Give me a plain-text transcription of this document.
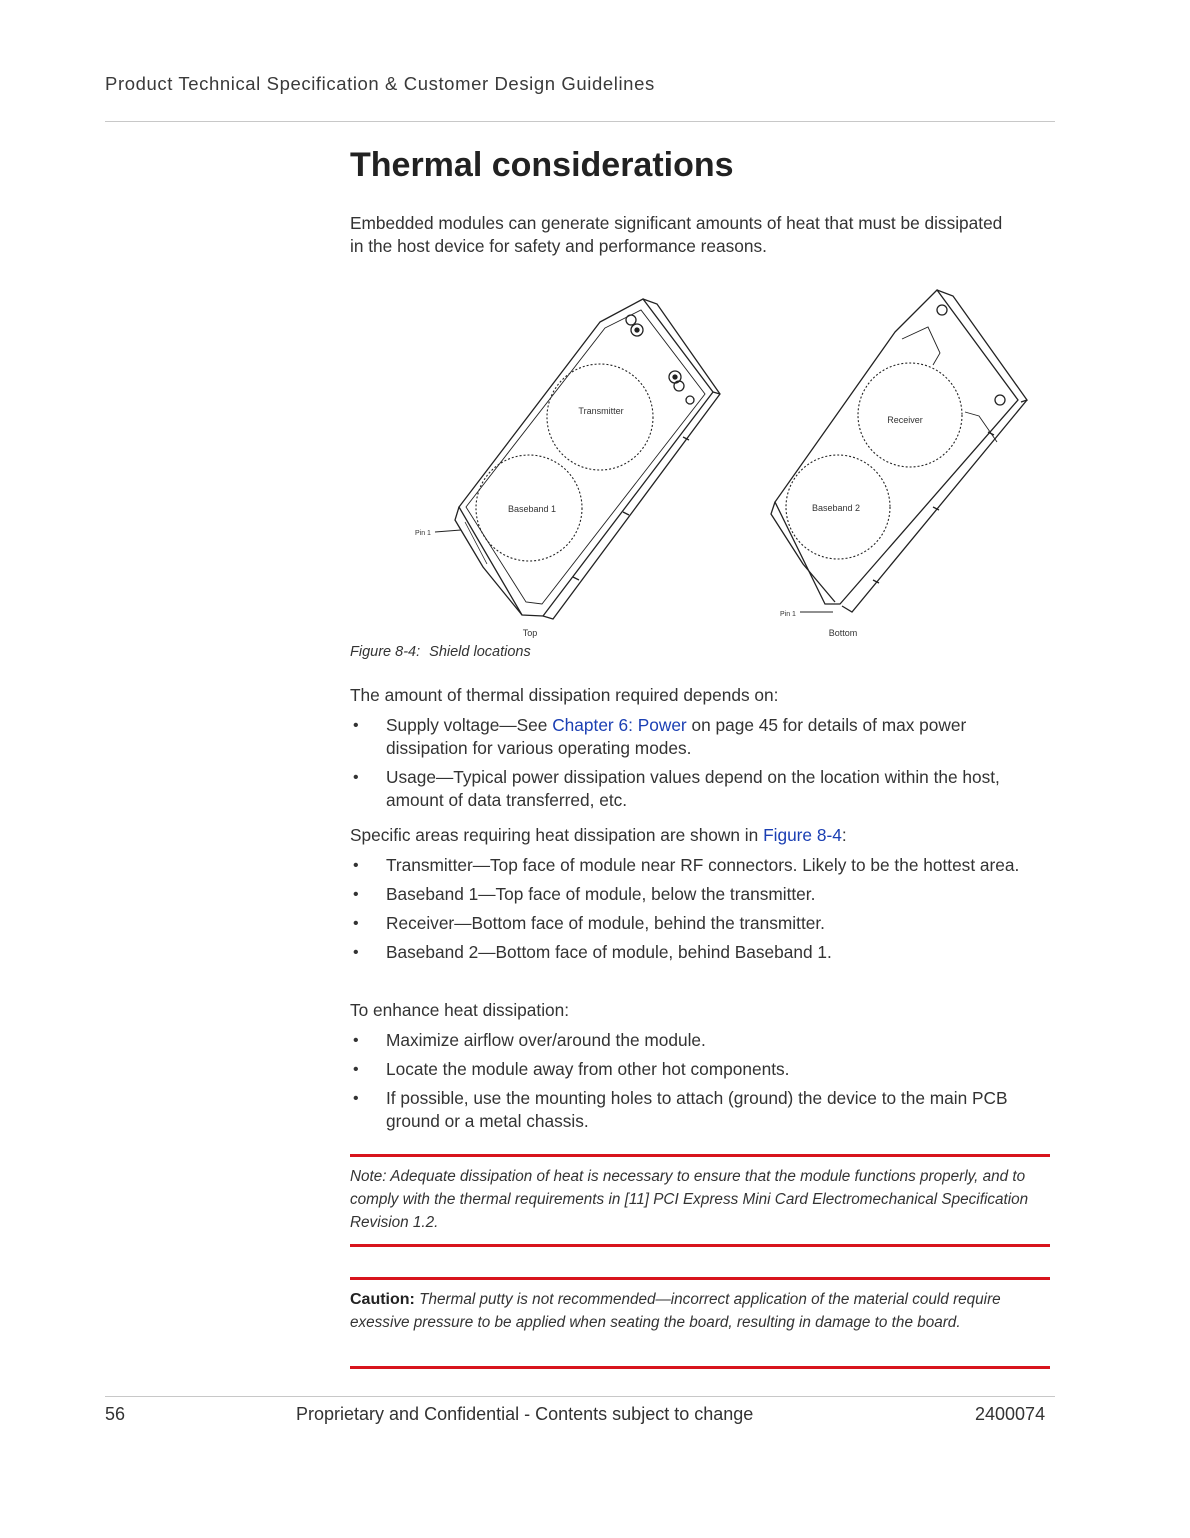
Product Technical Specification & Customer Design Guidelines
Thermal considerations

Embedded modules can generate significant amounts of heat that must be dissipated in the host device for safety and performance reasons.

Transmitter
Baseband 1
Pin 1
Top
Receiver
Baseband 2
Pin 1
Bottom
Figure 8-4: Shield locations

The amount of thermal dissipation required depends on:

• Supply voltage—See Chapter 6: Power on page 45 for details of max power dissipation for various operating modes.
• Usage—Typical power dissipation values depend on the location within the host, amount of data transferred, etc.

Specific areas requiring heat dissipation are shown in Figure 8-4:

• Transmitter—Top face of module near RF connectors. Likely to be the hottest area.
• Baseband 1—Top face of module, below the transmitter.
• Receiver—Bottom face of module, behind the transmitter.
• Baseband 2—Bottom face of module, behind Baseband 1.

To enhance heat dissipation:

• Maximize airflow over/around the module.
• Locate the module away from other hot components.
• If possible, use the mounting holes to attach (ground) the device to the main PCB ground or a metal chassis.
Note: Adequate dissipation of heat is necessary to ensure that the module functions properly, and to comply with the thermal requirements in [11] PCI Express Mini Card Electromechanical Specification Revision 1.2.
Caution: Thermal putty is not recommended—incorrect application of the material could require exessive pressure to be applied when seating the board, resulting in damage to the board.
56	Proprietary and Confidential - Contents subject to change	2400074
